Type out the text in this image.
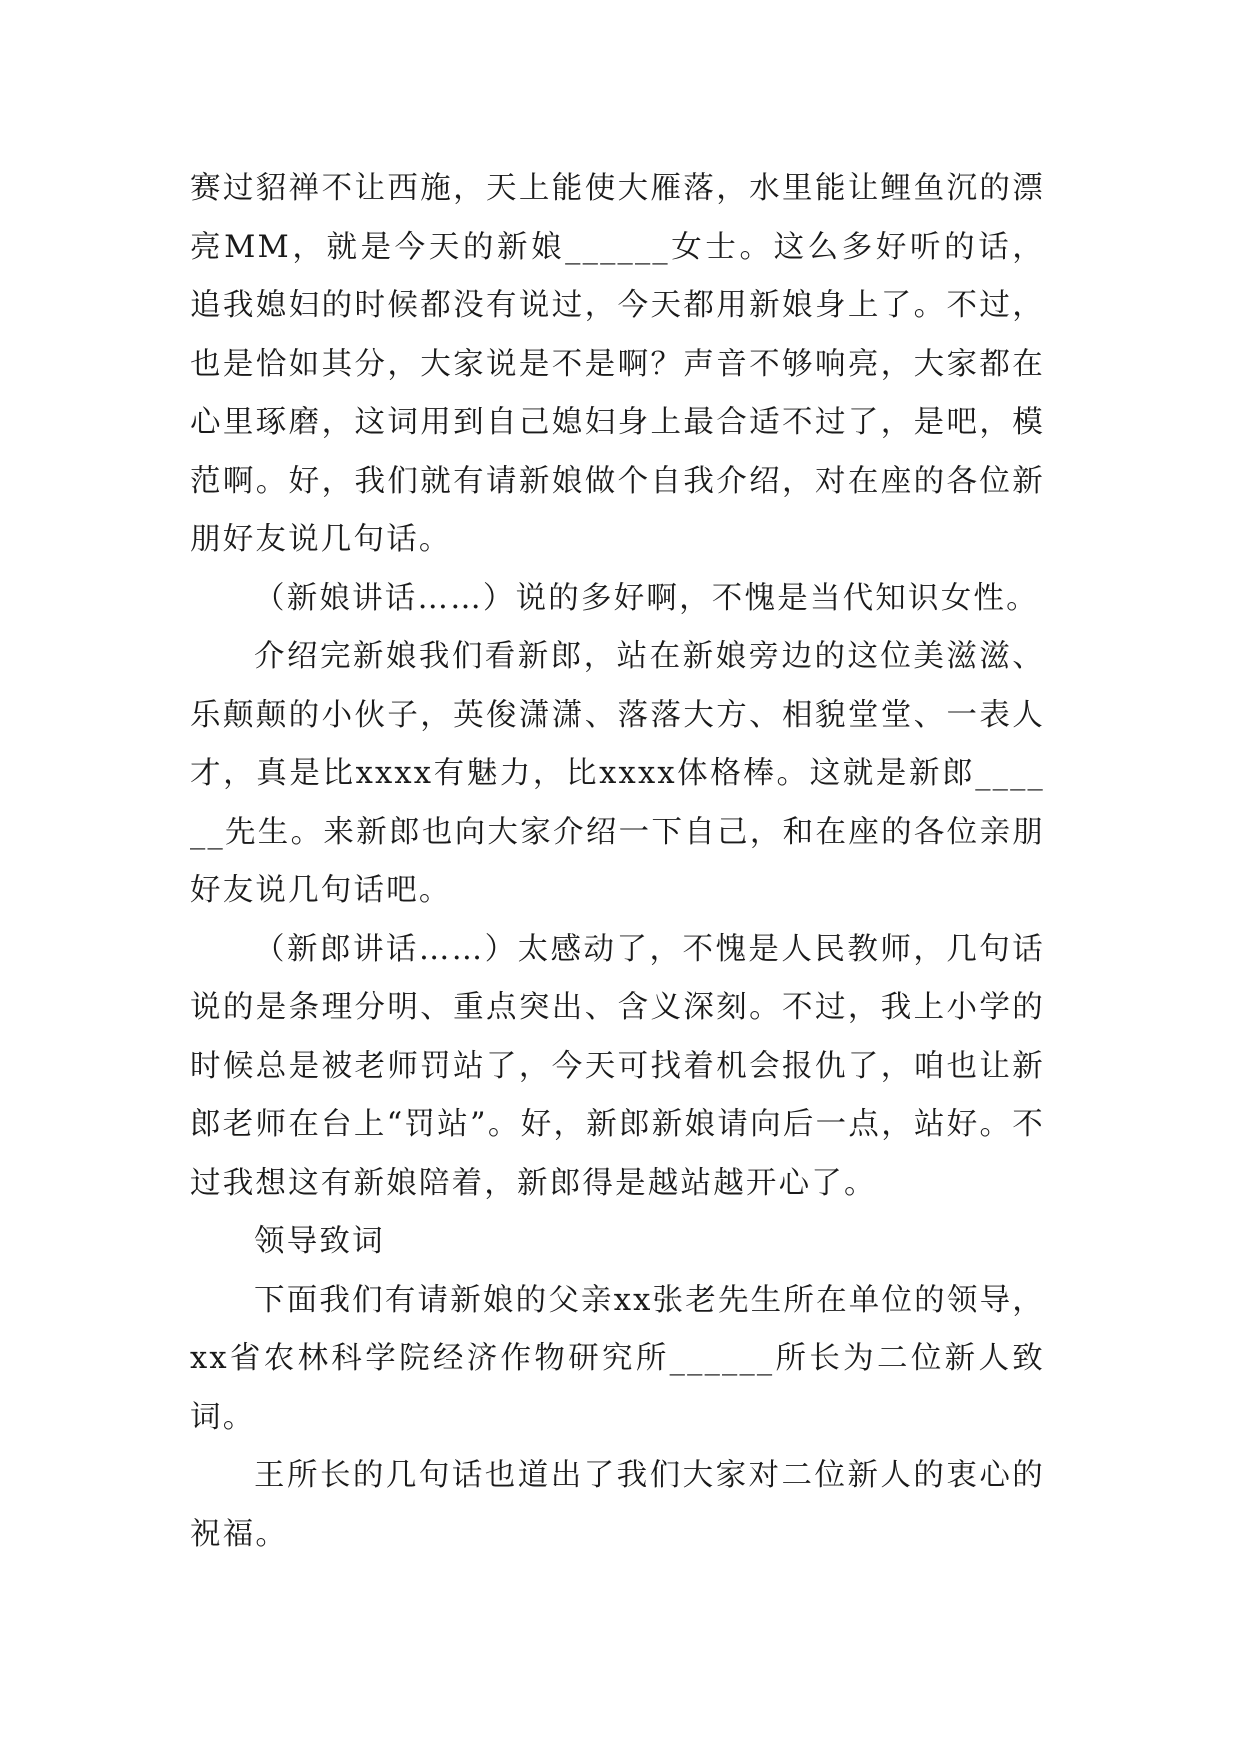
赛过貂禅不让西施，天上能使大雁落，水里能让鲤鱼沉的漂亮MM，就是今天的新娘______女士。这么多好听的话，追我媳妇的时候都没有说过，今天都用新娘身上了。不过，也是恰如其分，大家说是不是啊？声音不够响亮，大家都在心里琢磨，这词用到自己媳妇身上最合适不过了，是吧，模范啊。好，我们就有请新娘做个自我介绍，对在座的各位新朋好友说几句话。

（新娘讲话……）说的多好啊，不愧是当代知识女性。

介绍完新娘我们看新郎，站在新娘旁边的这位美滋滋、乐颠颠的小伙子，英俊潇潇、落落大方、相貌堂堂、一表人才，真是比xxxx有魅力，比xxxx体格棒。这就是新郎______先生。来新郎也向大家介绍一下自己，和在座的各位亲朋好友说几句话吧。

（新郎讲话……）太感动了，不愧是人民教师，几句话说的是条理分明、重点突出、含义深刻。不过，我上小学的时候总是被老师罚站了，今天可找着机会报仇了，咱也让新郎老师在台上“罚站”。好，新郎新娘请向后一点，站好。不过我想这有新娘陪着，新郎得是越站越开心了。

领导致词

下面我们有请新娘的父亲xx张老先生所在单位的领导，xx省农林科学院经济作物研究所______所长为二位新人致词。

王所长的几句话也道出了我们大家对二位新人的衷心的祝福。
